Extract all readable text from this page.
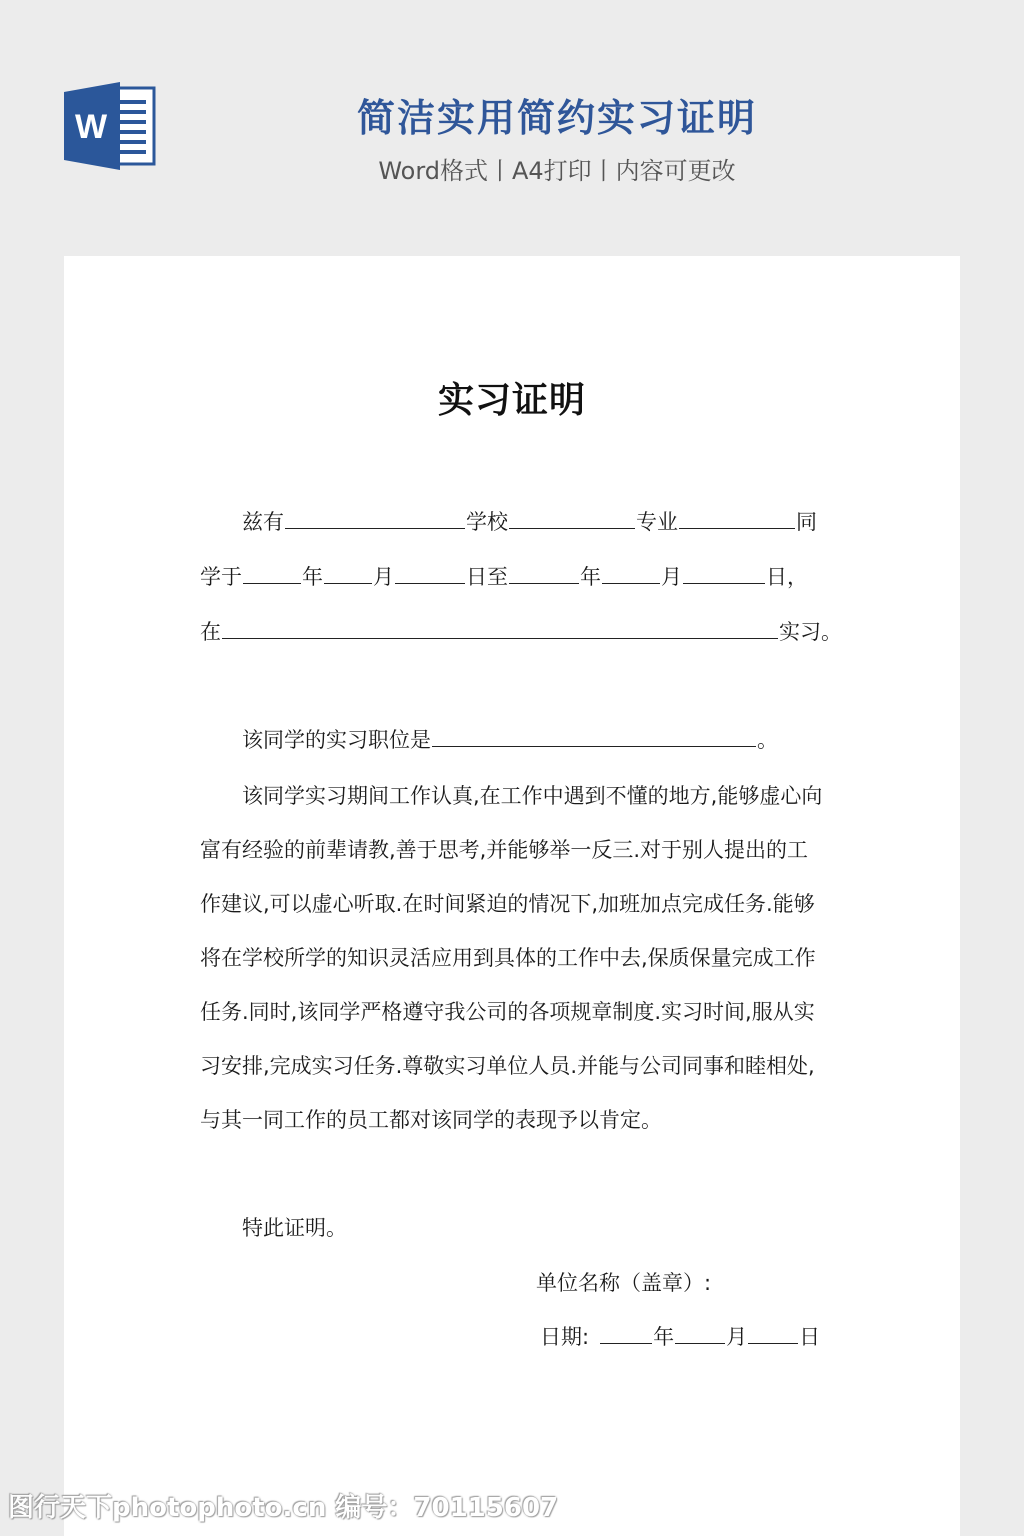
W	简洁实用简约实习证明
Word格式丨A4打印丨内容可更改
实习证明
兹有	学校	专业	同
学于	年 月	日至	年	月	日，
在	实习。
该同学的实习职位是	。
该同学实习期间工作认真,在工作中遇到不懂的地方,能够虚心向
富有经验的前辈请教,善于思考,并能够举一反三.对于别人提出的工
作建议,可以虚心听取.在时间紧迫的情况下,加班加点完成任务.能够
将在学校所学的知识灵活应用到具体的工作中去,保质保量完成工作
任务.同时,该同学严格遵守我公司的各项规章制度.实习时间,服从实
习安排,完成实习任务.尊敬实习单位人员.并能与公司同事和睦相处,
与其一同工作的员工都对该同学的表现予以肯定。
特此证明。
单位名称（盖章）:
日期:	年 月 日
图行天下photophoto.cn 编号：70115607
